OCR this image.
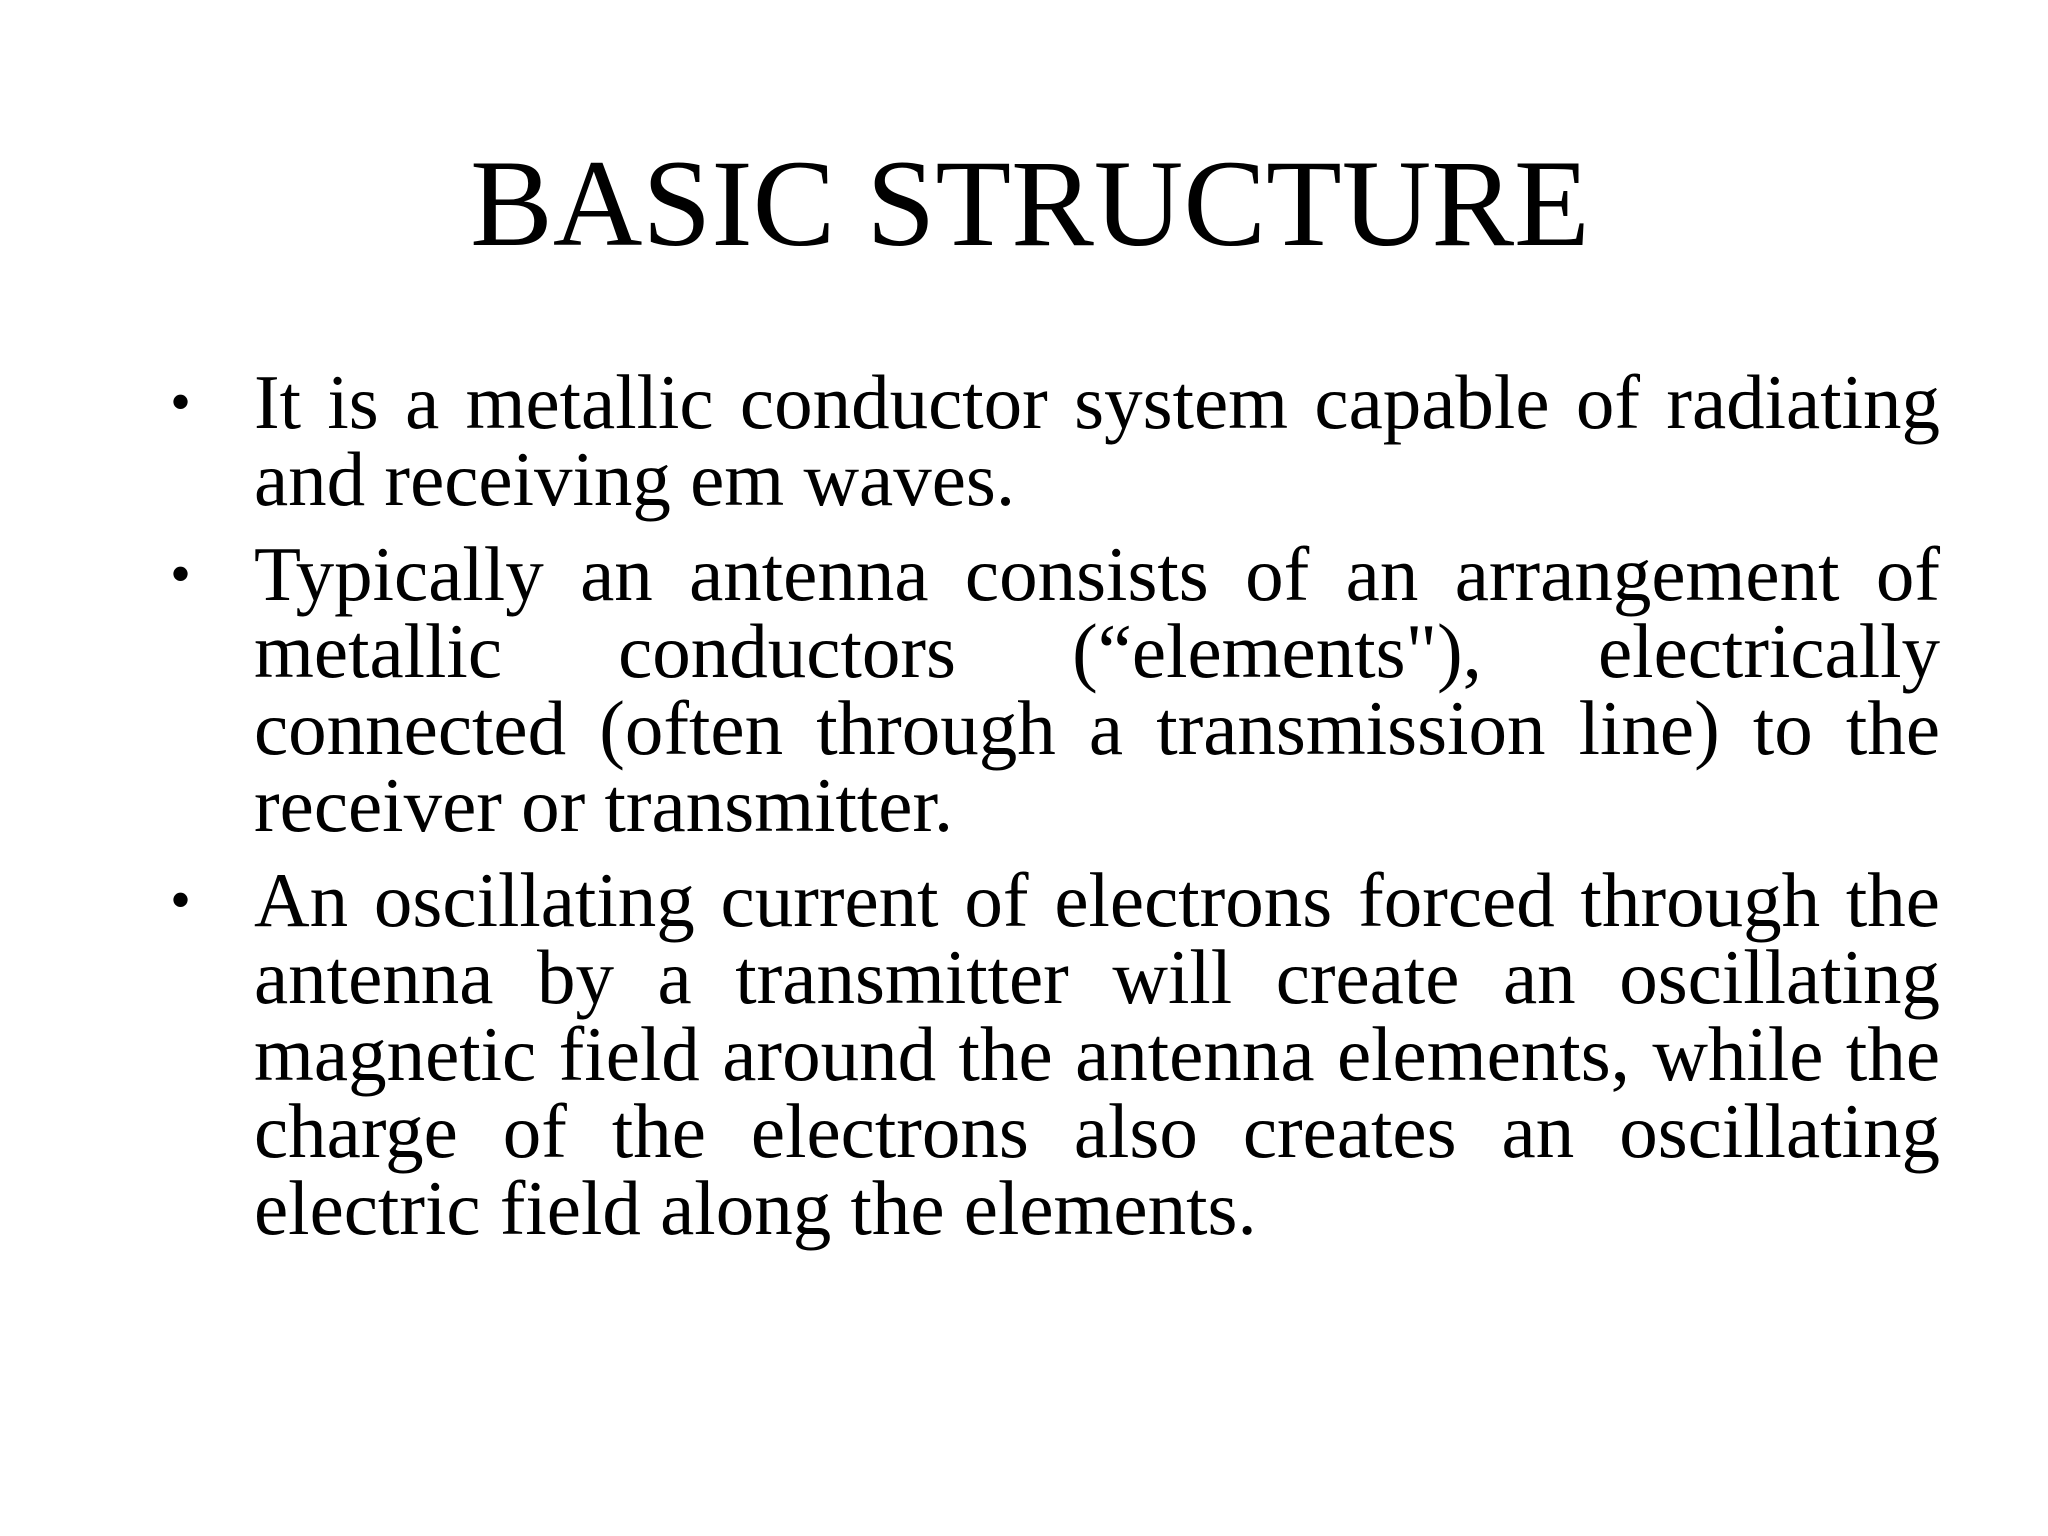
BASIC STRUCTURE
• It is a metallic conductor system capable of radiating and receiving em waves.
• Typically an antenna consists of an arrangement of metallic conductors (“elements"), electrically connected (often through a transmission line) to the receiver or transmitter.
• An oscillating current of electrons forced through the antenna by a transmitter will create an oscillating magnetic field around the antenna elements, while the charge of the electrons also creates an oscillating electric field along the elements.
